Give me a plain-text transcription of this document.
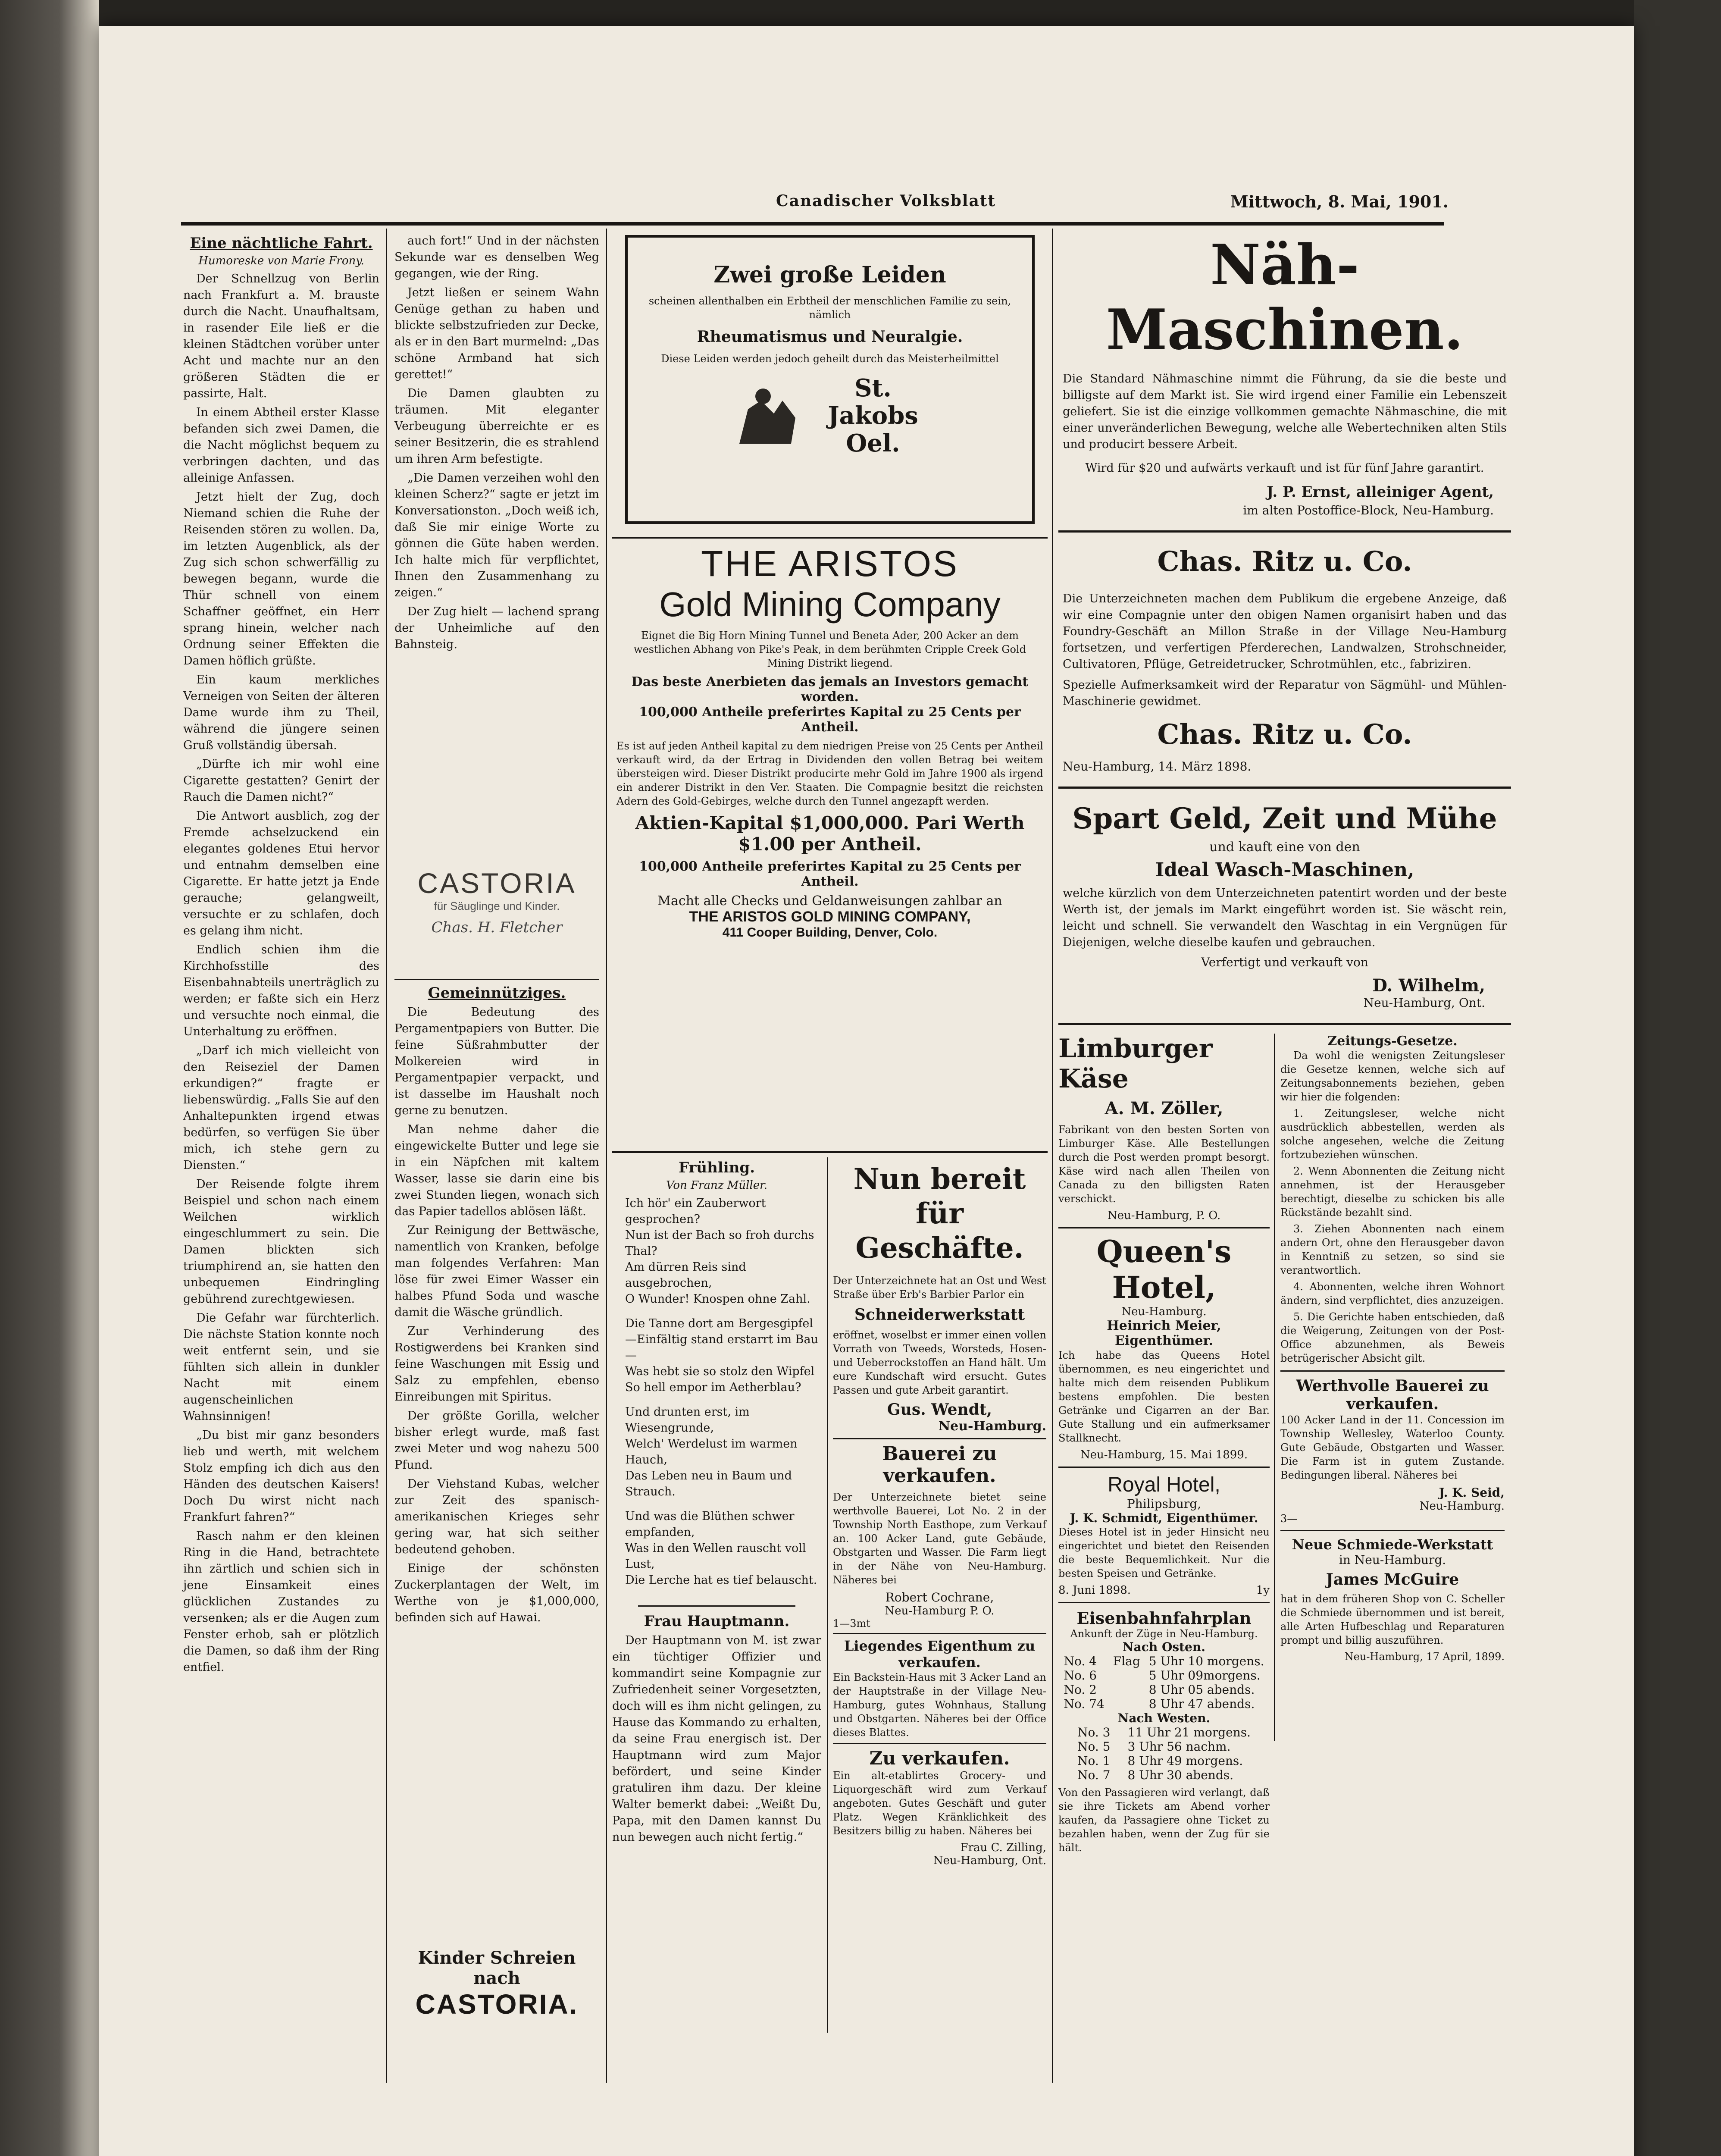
Canadischer Volksblatt	Mittwoch, 8. Mai, 1901.
Eine nächtliche Fahrt.
Humoreske von Marie Frony.

Der Schnellzug von Berlin nach Frankfurt a. M. brauste durch die Nacht. Unaufhaltsam, in rasender Eile ließ er die kleinen Städtchen vorüber unter Acht und machte nur an den größeren Städten die er passirte, Halt.

In einem Abtheil erster Klasse befanden sich zwei Damen, die die Nacht möglichst bequem zu verbringen dachten, und das alleinige Anfassen.

Jetzt hielt der Zug, doch Niemand schien die Ruhe der Reisenden stören zu wollen. Da, im letzten Augenblick, als der Zug sich schon schwerfällig zu bewegen begann, wurde die Thür schnell von einem Schaffner geöffnet, ein Herr sprang hinein, welcher nach Ordnung seiner Effekten die Damen höflich grüßte.

Ein kaum merkliches Verneigen von Seiten der älteren Dame wurde ihm zu Theil, während die jüngere seinen Gruß vollständig übersah.

„Dürfte ich mir wohl eine Cigarette gestatten? Genirt der Rauch die Damen nicht?“

Die Antwort ausblich, zog der Fremde achselzuckend ein elegantes goldenes Etui hervor und entnahm demselben eine Cigarette. Er hatte jetzt ja Ende gerauche; gelangweilt, versuchte er zu schlafen, doch es gelang ihm nicht.

Endlich schien ihm die Kirchhofsstille des Eisenbahnabteils unerträglich zu werden; er faßte sich ein Herz und versuchte noch einmal, die Unterhaltung zu eröffnen.

„Darf ich mich vielleicht von den Reiseziel der Damen erkundigen?“ fragte er liebenswürdig. „Falls Sie auf den Anhaltepunkten irgend etwas bedürfen, so verfügen Sie über mich, ich stehe gern zu Diensten.“

Der Reisende folgte ihrem Beispiel und schon nach einem Weilchen wirklich eingeschlummert zu sein. Die Damen blickten sich triumphirend an, sie hatten den unbequemen Eindringling gebührend zurechtgewiesen.

Die Gefahr war fürchterlich. Die nächste Station konnte noch weit entfernt sein, und sie fühlten sich allein in dunkler Nacht mit einem augenscheinlichen Wahnsinnigen!

„Du bist mir ganz besonders lieb und werth, mit welchem Stolz empfing ich dich aus den Händen des deutschen Kaisers! Doch Du wirst nicht nach Frankfurt fahren?“

Rasch nahm er den kleinen Ring in die Hand, betrachtete ihn zärtlich und schien sich in jene Einsamkeit eines glücklichen Zustandes zu versenken; als er die Augen zum Fenster erhob, sah er plötzlich die Damen, so daß ihm der Ring entfiel.

auch fort!“ Und in der nächsten Sekunde war es denselben Weg gegangen, wie der Ring.

Jetzt ließen er seinem Wahn Genüge gethan zu haben und blickte selbstzufrieden zur Decke, als er in den Bart murmelnd: „Das schöne Armband hat sich gerettet!“

Die Damen glaubten zu träumen. Mit eleganter Verbeugung überreichte er es seiner Besitzerin, die es strahlend um ihren Arm befestigte.

„Die Damen verzeihen wohl den kleinen Scherz?“ sagte er jetzt im Konversationston. „Doch weiß ich, daß Sie mir einige Worte zu gönnen die Güte haben werden. Ich halte mich für verpflichtet, Ihnen den Zusammenhang zu zeigen.“

Der Zug hielt — lachend sprang der Unheimliche auf den Bahnsteig.

CASTORIA
für Säuglinge und Kinder.
Chas. H. Fletcher
Gemeinnütziges.

Die Bedeutung des Pergamentpapiers von Butter. Die feine Süßrahmbutter der Molkereien wird in Pergamentpapier verpackt, und ist dasselbe im Haushalt noch gerne zu benutzen.

Man nehme daher die eingewickelte Butter und lege sie in ein Näpfchen mit kaltem Wasser, lasse sie darin eine bis zwei Stunden liegen, wonach sich das Papier tadellos ablösen läßt.

Zur Reinigung der Bettwäsche, namentlich von Kranken, befolge man folgendes Verfahren: Man löse für zwei Eimer Wasser ein halbes Pfund Soda und wasche damit die Wäsche gründlich.

Zur Verhinderung des Rostigwerdens bei Kranken sind feine Waschungen mit Essig und Salz zu empfehlen, ebenso Einreibungen mit Spiritus.

Der größte Gorilla, welcher bisher erlegt wurde, maß fast zwei Meter und wog nahezu 500 Pfund.

Der Viehstand Kubas, welcher zur Zeit des spanisch-amerikanischen Krieges sehr gering war, hat sich seither bedeutend gehoben.

Einige der schönsten Zuckerplantagen der Welt, im Werthe von je $1,000,000, befinden sich auf Hawai.

Kinder Schreien nach
CASTORIA.
Zwei große Leiden
scheinen allenthalben ein Erbtheil der menschlichen Familie zu sein, nämlich
Rheumatismus und Neuralgie.
Diese Leiden werden jedoch geheilt durch das Meisterheilmittel
St. Jakobs Oel.
THE ARISTOS
Gold Mining Company
Eignet die Big Horn Mining Tunnel und Beneta Ader, 200 Acker an dem westlichen Abhang von Pike's Peak, in dem berühmten Cripple Creek Gold Mining Distrikt liegend.
Das beste Anerbieten das jemals an Investors gemacht worden.
100,000 Antheile preferirtes Kapital zu 25 Cents per Antheil.
Es ist auf jeden Antheil kapital zu dem niedrigen Preise von 25 Cents per Antheil verkauft wird, da der Ertrag in Dividenden den vollen Betrag bei weitem übersteigen wird. Dieser Distrikt producirte mehr Gold im Jahre 1900 als irgend ein anderer Distrikt in den Ver. Staaten. Die Compagnie besitzt die reichsten Adern des Gold-Gebirges, welche durch den Tunnel angezapft werden.
Aktien-Kapital $1,000,000. Pari Werth $1.00 per Antheil.
100,000 Antheile preferirtes Kapital zu 25 Cents per Antheil.
Macht alle Checks und Geldanweisungen zahlbar an
THE ARISTOS GOLD MINING COMPANY,
411 Cooper Building, Denver, Colo.
Frühling.
Von Franz Müller.
Ich hör' ein Zauberwort gesprochen?
Nun ist der Bach so froh durchs Thal?
Am dürren Reis sind ausgebrochen,
O Wunder! Knospen ohne Zahl.
Die Tanne dort am Bergesgipfel
—Einfältig stand erstarrt im Bau —
Was hebt sie so stolz den Wipfel
So hell empor im Aetherblau?
Und drunten erst, im Wiesengrunde,
Welch' Werdelust im warmen Hauch,
Das Leben neu in Baum und Strauch.
Und was die Blüthen schwer empfanden,
Was in den Wellen rauscht voll Lust,
Die Lerche hat es tief belauscht.
Frau Hauptmann.

Der Hauptmann von M. ist zwar ein tüchtiger Offizier und kommandirt seine Kompagnie zur Zufriedenheit seiner Vorgesetzten, doch will es ihm nicht gelingen, zu Hause das Kommando zu erhalten, da seine Frau energisch ist. Der Hauptmann wird zum Major befördert, und seine Kinder gratuliren ihm dazu. Der kleine Walter bemerkt dabei: „Weißt Du, Papa, mit den Damen kannst Du nun bewegen auch nicht fertig.“

Nun bereit für Geschäfte.
Der Unterzeichnete hat an Ost und West Straße über Erb's Barbier Parlor ein
Schneiderwerkstatt
eröffnet, woselbst er immer einen vollen Vorrath von Tweeds, Worsteds, Hosen- und Ueberrockstoffen an Hand hält. Um eure Kundschaft wird ersucht. Gutes Passen und gute Arbeit garantirt.
Gus. Wendt,
Neu-Hamburg.
Bauerei zu verkaufen.
Der Unterzeichnete bietet seine werthvolle Bauerei, Lot No. 2 in der Township North Easthope, zum Verkauf an. 100 Acker Land, gute Gebäude, Obstgarten und Wasser. Die Farm liegt in der Nähe von Neu-Hamburg. Näheres bei
Robert Cochrane,
Neu-Hamburg P. O.
1—3mt
Liegendes Eigenthum zu verkaufen.
Ein Backstein-Haus mit 3 Acker Land an der Hauptstraße in der Village Neu-Hamburg, gutes Wohnhaus, Stallung und Obstgarten. Näheres bei der Office dieses Blattes.
Zu verkaufen.
Ein alt-etablirtes Grocery- und Liquorgeschäft wird zum Verkauf angeboten. Gutes Geschäft und guter Platz. Wegen Kränklichkeit des Besitzers billig zu haben. Näheres bei
Frau C. Zilling,
Neu-Hamburg, Ont.
Näh-Maschinen.
Die Standard Nähmaschine nimmt die Führung, da sie die beste und billigste auf dem Markt ist. Sie wird irgend einer Familie ein Lebenszeit geliefert. Sie ist die einzige vollkommen gemachte Nähmaschine, die mit einer unveränderlichen Bewegung, welche alle Webertechniken alten Stils und producirt bessere Arbeit.
Wird für $20 und aufwärts verkauft und ist für fünf Jahre garantirt.
J. P. Ernst, alleiniger Agent,
im alten Postoffice-Block, Neu-Hamburg.
Chas. Ritz u. Co.
Die Unterzeichneten machen dem Publikum die ergebene Anzeige, daß wir eine Compagnie unter den obigen Namen organisirt haben und das Foundry-Geschäft an Millon Straße in der Village Neu-Hamburg fortsetzen, und verfertigen Pferderechen, Landwalzen, Strohschneider, Cultivatoren, Pflüge, Getreidetrucker, Schrotmühlen, etc., fabriziren.
Spezielle Aufmerksamkeit wird der Reparatur von Sägmühl- und Mühlen-Maschinerie gewidmet.
Chas. Ritz u. Co.
Neu-Hamburg, 14. März 1898.
Spart Geld, Zeit und Mühe
und kauft eine von den
Ideal Wasch-Maschinen,
welche kürzlich von dem Unterzeichneten patentirt worden und der beste Werth ist, der jemals im Markt eingeführt worden ist. Sie wäscht rein, leicht und schnell. Sie verwandelt den Waschtag in ein Vergnügen für Diejenigen, welche dieselbe kaufen und gebrauchen.
Verfertigt und verkauft von
D. Wilhelm,
Neu-Hamburg, Ont.
Limburger Käse
A. M. Zöller,
Fabrikant von den besten Sorten von Limburger Käse. Alle Bestellungen durch die Post werden prompt besorgt. Käse wird nach allen Theilen von Canada zu den billigsten Raten verschickt.
Neu-Hamburg, P. O.
Queen's Hotel,
Neu-Hamburg.
Heinrich Meier, Eigenthümer.
Ich habe das Queens Hotel übernommen, es neu eingerichtet und halte mich dem reisenden Publikum bestens empfohlen. Die besten Getränke und Cigarren an der Bar. Gute Stallung und ein aufmerksamer Stallknecht.
Neu-Hamburg, 15. Mai 1899.
Royal Hotel,
Philipsburg,
J. K. Schmidt, Eigenthümer.
Dieses Hotel ist in jeder Hinsicht neu eingerichtet und bietet den Reisenden die beste Bequemlichkeit. Nur die besten Speisen und Getränke.
8. Juni 1898.	1y
Eisenbahnfahrplan
Ankunft der Züge in Neu-Hamburg.
Nach Osten.
No. 4	Flag	5 Uhr 10 morgens.
No. 6		5 Uhr 09morgens.
No. 2		8 Uhr 05 abends.
No. 74		8 Uhr 47 abends.
Nach Westen.
No. 3		11 Uhr 21 morgens.
No. 5		3 Uhr 56 nachm.
No. 1		8 Uhr 49 morgens.
No. 7		8 Uhr 30 abends.
Von den Passagieren wird verlangt, daß sie ihre Tickets am Abend vorher kaufen, da Passagiere ohne Ticket zu bezahlen haben, wenn der Zug für sie hält.
Zeitungs-Gesetze.

Da wohl die wenigsten Zeitungsleser die Gesetze kennen, welche sich auf Zeitungsabonnements beziehen, geben wir hier die folgenden:

1. Zeitungsleser, welche nicht ausdrücklich abbestellen, werden als solche angesehen, welche die Zeitung fortzubeziehen wünschen.

2. Wenn Abonnenten die Zeitung nicht annehmen, ist der Herausgeber berechtigt, dieselbe zu schicken bis alle Rückstände bezahlt sind.

3. Ziehen Abonnenten nach einem andern Ort, ohne den Herausgeber davon in Kenntniß zu setzen, so sind sie verantwortlich.

4. Abonnenten, welche ihren Wohnort ändern, sind verpflichtet, dies anzuzeigen.

5. Die Gerichte haben entschieden, daß die Weigerung, Zeitungen von der Post-Office abzunehmen, als Beweis betrügerischer Absicht gilt.

Werthvolle Bauerei zu verkaufen.
100 Acker Land in der 11. Concession im Township Wellesley, Waterloo County. Gute Gebäude, Obstgarten und Wasser. Die Farm ist in gutem Zustande. Bedingungen liberal. Näheres bei
J. K. Seid,
Neu-Hamburg.
3—
Neue Schmiede-Werkstatt
in Neu-Hamburg.
James McGuire
hat in dem früheren Shop von C. Scheller die Schmiede übernommen und ist bereit, alle Arten Hufbeschlag und Reparaturen prompt und billig auszuführen.
Neu-Hamburg, 17 April, 1899.
